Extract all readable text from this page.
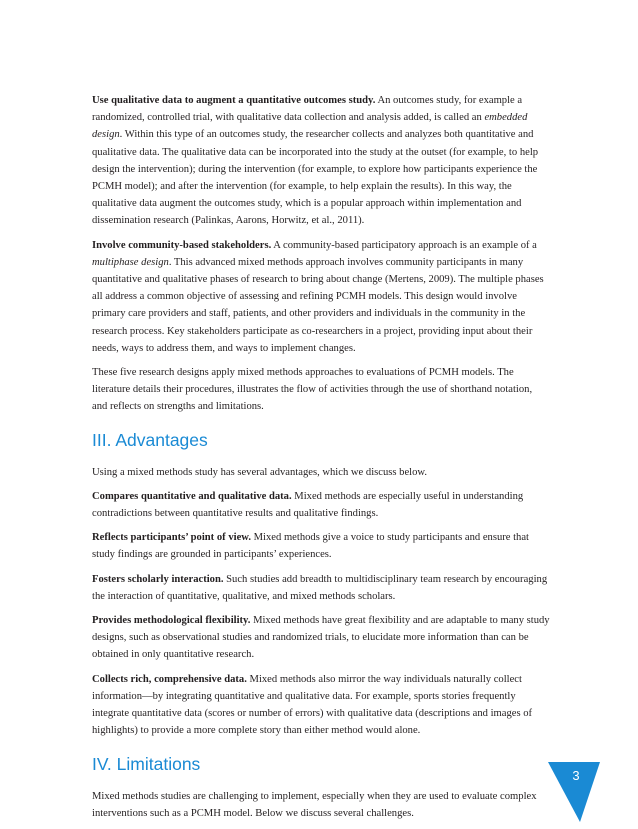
Use qualitative data to augment a quantitative outcomes study. An outcomes study, for example a randomized, controlled trial, with qualitative data collection and analysis added, is called an embedded design. Within this type of an outcomes study, the researcher collects and analyzes both quantitative and qualitative data. The qualitative data can be incorporated into the study at the outset (for example, to help design the intervention); during the intervention (for example, to explore how participants experience the PCMH model); and after the intervention (for example, to help explain the results). In this way, the qualitative data augment the outcomes study, which is a popular approach within implementation and dissemination research (Palinkas, Aarons, Horwitz, et al., 2011).

Involve community-based stakeholders. A community-based participatory approach is an example of a multiphase design. This advanced mixed methods approach involves community participants in many quantitative and qualitative phases of research to bring about change (Mertens, 2009). The multiple phases all address a common objective of assessing and refining PCMH models. This design would involve primary care providers and staff, patients, and other providers and individuals in the community in the research process. Key stakeholders participate as co-researchers in a project, providing input about their needs, ways to address them, and ways to implement changes.

These five research designs apply mixed methods approaches to evaluations of PCMH models. The literature details their procedures, illustrates the flow of activities through the use of shorthand notation, and reflects on strengths and limitations.

III. Advantages

Using a mixed methods study has several advantages, which we discuss below.

Compares quantitative and qualitative data. Mixed methods are especially useful in understanding contradictions between quantitative results and qualitative findings.

Reflects participants’ point of view. Mixed methods give a voice to study participants and ensure that study findings are grounded in participants’ experiences.

Fosters scholarly interaction. Such studies add breadth to multidisciplinary team research by encouraging the interaction of quantitative, qualitative, and mixed methods scholars.

Provides methodological flexibility. Mixed methods have great flexibility and are adaptable to many study designs, such as observational studies and randomized trials, to elucidate more information than can be obtained in only quantitative research.

Collects rich, comprehensive data. Mixed methods also mirror the way individuals naturally collect information—by integrating quantitative and qualitative data. For example, sports stories frequently integrate quantitative data (scores or number of errors) with qualitative data (descriptions and images of highlights) to provide a more complete story than either method would alone.

IV. Limitations

Mixed methods studies are challenging to implement, especially when they are used to evaluate complex interventions such as a PCMH model. Below we discuss several challenges.

3
